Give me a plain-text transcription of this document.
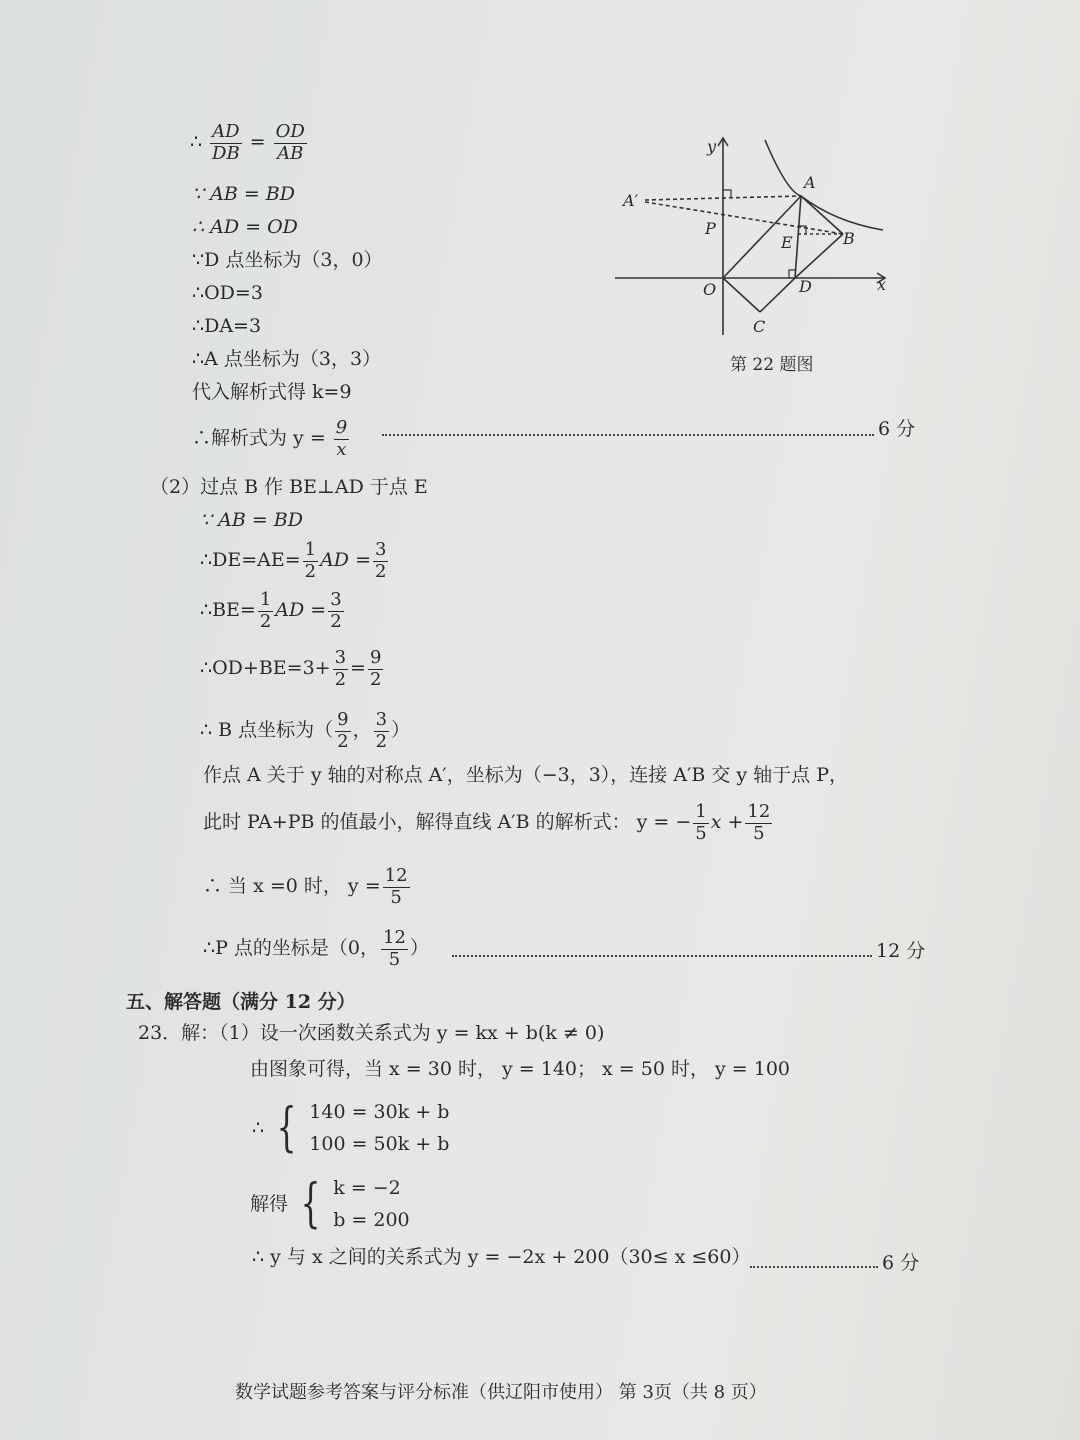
∴ $\frac{AD}{DB} = \frac{OD}{AB}$
∵ AB = BD
∴ AD = OD
∵D 点坐标为（3，0）
∴OD=3
∴DA=3
∴A 点坐标为（3，3）
代入解析式得 k=9
∴解析式为 $y = \frac{9}{x}$	6 分
y
x
O
A
A′
P
E	B
D
C
第 22 题图
（2）过点 B 作 BE⊥AD 于点 E
∵ AB = BD
∴DE=AE= $\frac{1}{2}$ AD = $\frac{3}{2}$
∴BE= $\frac{1}{2}$ AD = $\frac{3}{2}$
∴OD+BE=3+ $\frac{3}{2} = \frac{9}{2}$
∴ B 点坐标为（ $\frac{9}{2}$ ， $\frac{3}{2}$ ）
作点 A 关于 y 轴的对称点 A′，坐标为（−3，3），连接 A′B 交 y 轴于点 P，
此时 PA+PB 的值最小，解得直线 A′B 的解析式： y = − $\frac{1}{5}$ $x + \frac{12}{5}$
∴ 当 x =0 时， $y = \frac{12}{5}$
∴P 点的坐标是（0， $\frac{12}{5}$ ）	12 分
五、解答题（满分 12 分）
23．解：（1）设一次函数关系式为 y = kx + b(k ≠ 0)
由图象可得，当 x = 30 时， y = 140； x = 50 时， y = 100
∴ { 140 = 30k + b
100 = 50k + b
解得 { k = −2
b = 200
∴ y 与 x 之间的关系式为 y = −2x + 200（30≤ x ≤60）	6 分
数学试题参考答案与评分标准（供辽阳市使用） 第 3页（共 8 页）
